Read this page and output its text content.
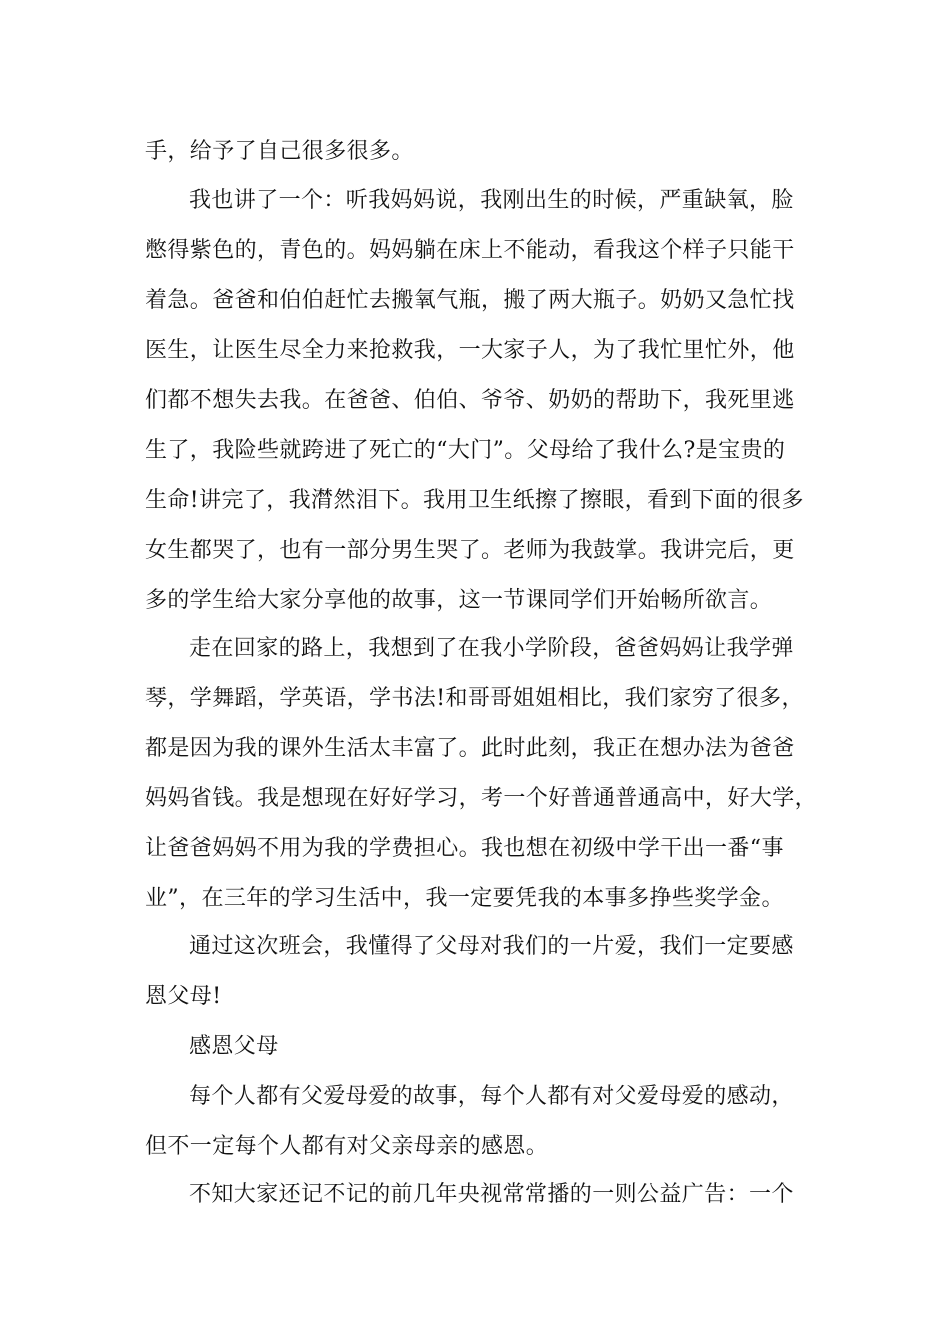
手，给予了自己很多很多。
我也讲了一个：听我妈妈说，我刚出生的时候，严重缺氧，脸
憋得紫色的，青色的。妈妈躺在床上不能动，看我这个样子只能干
着急。爸爸和伯伯赶忙去搬氧气瓶，搬了两大瓶子。奶奶又急忙找
医生，让医生尽全力来抢救我，一大家子人，为了我忙里忙外，他
们都不想失去我。在爸爸、伯伯、爷爷、奶奶的帮助下，我死里逃
生了，我险些就跨进了死亡的“大门”。父母给了我什么?是宝贵的
生命!讲完了，我潸然泪下。我用卫生纸擦了擦眼，看到下面的很多
女生都哭了，也有一部分男生哭了。老师为我鼓掌。我讲完后，更
多的学生给大家分享他的故事，这一节课同学们开始畅所欲言。
走在回家的路上，我想到了在我小学阶段，爸爸妈妈让我学弹
琴，学舞蹈，学英语，学书法!和哥哥姐姐相比，我们家穷了很多，
都是因为我的课外生活太丰富了。此时此刻，我正在想办法为爸爸
妈妈省钱。我是想现在好好学习，考一个好普通普通高中，好大学，
让爸爸妈妈不用为我的学费担心。我也想在初级中学干出一番“事
业”，在三年的学习生活中，我一定要凭我的本事多挣些奖学金。
通过这次班会，我懂得了父母对我们的一片爱，我们一定要感
恩父母!
感恩父母
每个人都有父爱母爱的故事，每个人都有对父爱母爱的感动，
但不一定每个人都有对父亲母亲的感恩。
不知大家还记不记的前几年央视常常播的一则公益广告：一个
